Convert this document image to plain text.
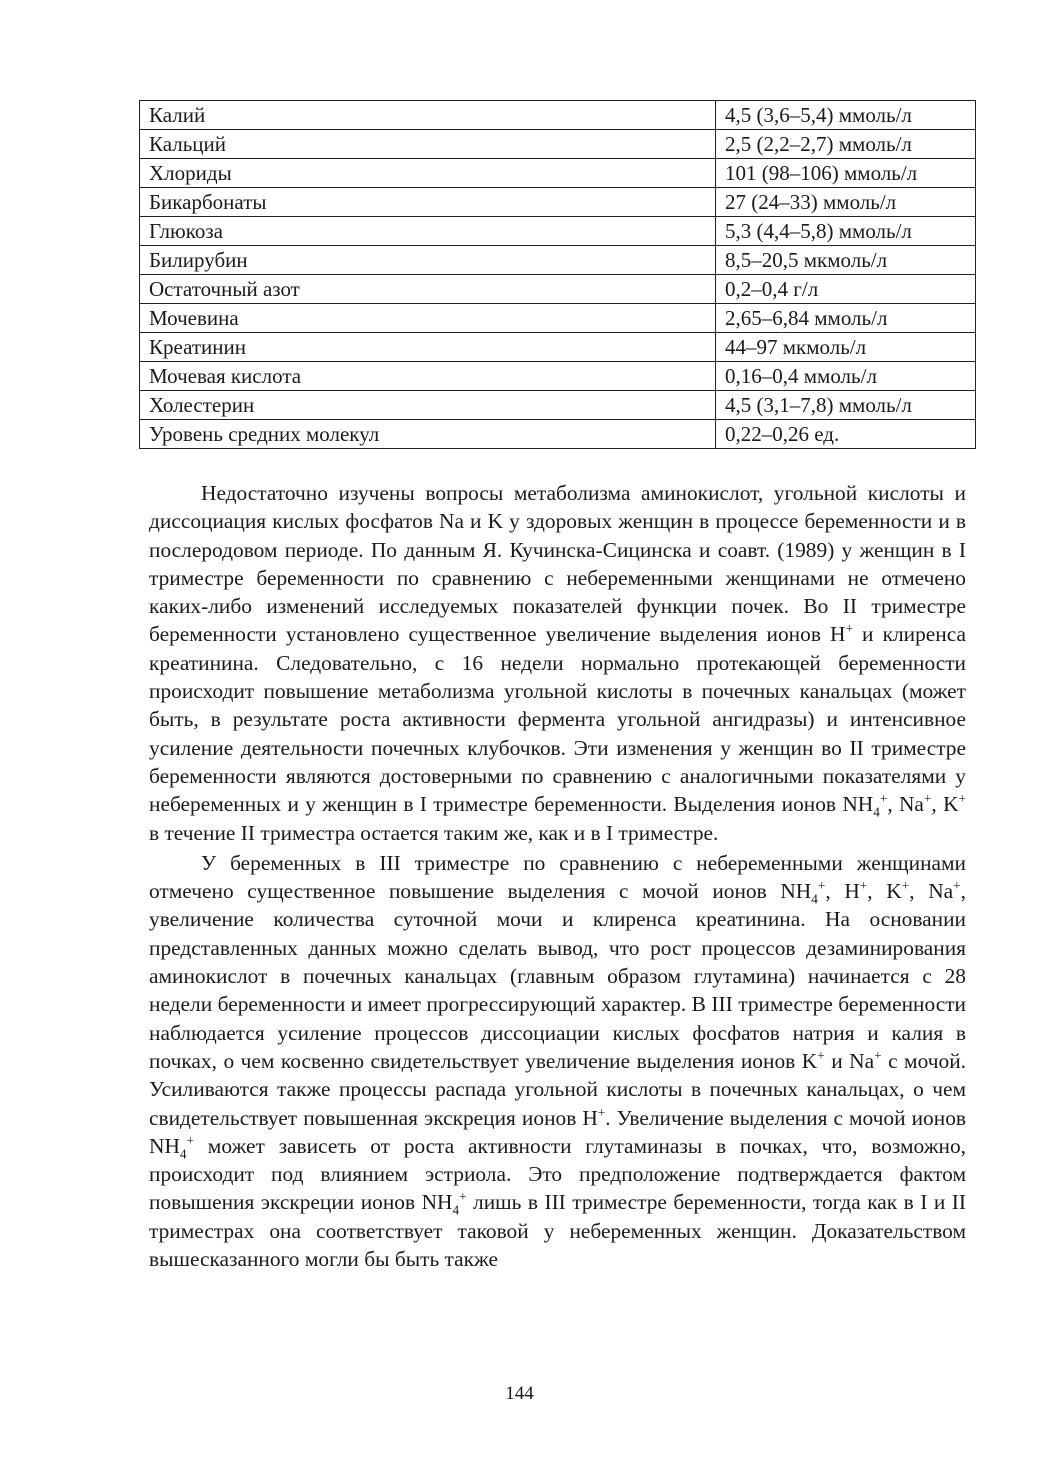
Калий	4,5 (3,6–5,4) ммоль/л
Кальций	2,5 (2,2–2,7) ммоль/л
Хлориды	101 (98–106) ммоль/л
Бикарбонаты	27 (24–33) ммоль/л
Глюкоза	5,3 (4,4–5,8) ммоль/л
Билирубин	8,5–20,5 мкмоль/л
Остаточный азот	0,2–0,4 г/л
Мочевина	2,65–6,84 ммоль/л
Креатинин	44–97 мкмоль/л
Мочевая кислота	0,16–0,4 ммоль/л
Холестерин	4,5 (3,1–7,8) ммоль/л
Уровень средних молекул	0,22–0,26 ед.

Недостаточно изучены вопросы метаболизма аминокислот, угольной кислоты и диссоциация кислых фосфатов Na и K у здоровых женщин в процессе беременности и в послеродовом периоде. По данным Я. Кучинска-Сицинска и соавт. (1989) у женщин в I триместре беременности по сравнению с небеременными женщинами не отмечено каких-либо изменений исследуемых показателей функции почек. Во II триместре беременности установлено существенное увеличение выделения ионов H+ и клиренса креатинина. Следовательно, с 16 недели нормально протекающей беременности происходит повышение метаболизма угольной кислоты в почечных канальцах (может быть, в результате роста активности фермента угольной ангидразы) и интенсивное усиление деятельности почечных клубочков. Эти изменения у женщин во II триместре беременности являются достоверными по сравнению с аналогичными показателями у небеременных и у женщин в I триместре беременности. Выделения ионов $NH_4^+$, Na+, K+ в течение II триместра остается таким же, как и в I триместре.

У беременных в III триместре по сравнению с небеременными женщинами отмечено существенное повышение выделения с мочой ионов $NH_4^+$, H+, K+, Na+, увеличение количества суточной мочи и клиренса креатинина. На основании представленных данных можно сделать вывод, что рост процессов дезаминирования аминокислот в почечных канальцах (главным образом глутамина) начинается с 28 недели беременности и имеет прогрессирующий характер. В III триместре беременности наблюдается усиление процессов диссоциации кислых фосфатов натрия и калия в почках, о чем косвенно свидетельствует увеличение выделения ионов K+ и Na+ с мочой. Усиливаются также процессы распада угольной кислоты в почечных канальцах, о чем свидетельствует повышенная экскреция ионов H+. Увеличение выделения с мочой ионов $NH_4^+$ может зависеть от роста активности глутаминазы в почках, что, возможно, происходит под влиянием эстриола. Это предположение подтверждается фактом повышения экскреции ионов $NH_4^+$ лишь в III триместре беременности, тогда как в I и II триместрах она соответствует таковой у небеременных женщин. Доказательством вышесказанного могли бы быть также

144
